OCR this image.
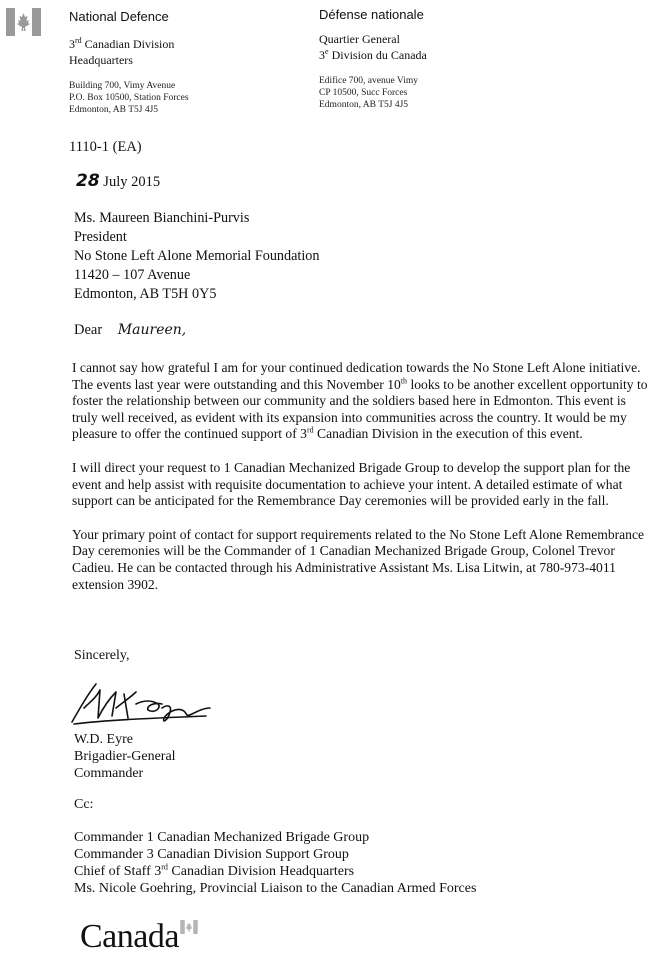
National Defence
3rd Canadian Division
Headquarters
Building 700, Vimy Avenue
P.O. Box 10500, Station Forces
Edmonton, AB T5J 4J5
Défense nationale
Quartier General
3e Division du Canada
Edifice 700, avenue Vimy
CP 10500, Succ Forces
Edmonton, AB T5J 4J5
1110-1 (EA)
28 July 2015
Ms. Maureen Bianchini-Purvis
President
No Stone Left Alone Memorial Foundation
11420 – 107 Avenue
Edmonton, AB T5H 0Y5
Dear Maureen,

I cannot say how grateful I am for your continued dedication towards the No Stone Left Alone initiative. The events last year were outstanding and this November 10th looks to be another excellent opportunity to foster the relationship between our community and the soldiers based here in Edmonton. This event is truly well received, as evident with its expansion into communities across the country. It would be my pleasure to offer the continued support of 3rd Canadian Division in the execution of this event.

I will direct your request to 1 Canadian Mechanized Brigade Group to develop the support plan for the event and help assist with requisite documentation to achieve your intent. A detailed estimate of what support can be anticipated for the Remembrance Day ceremonies will be provided early in the fall.

Your primary point of contact for support requirements related to the No Stone Left Alone Remembrance Day ceremonies will be the Commander of 1 Canadian Mechanized Brigade Group, Colonel Trevor Cadieu. He can be contacted through his Administrative Assistant Ms. Lisa Litwin, at 780-973-4011 extension 3902.

Sincerely,
W.D. Eyre
Brigadier-General
Commander
Cc:
Commander 1 Canadian Mechanized Brigade Group
Commander 3 Canadian Division Support Group
Chief of Staff 3rd Canadian Division Headquarters
Ms. Nicole Goehring, Provincial Liaison to the Canadian Armed Forces
Canada
